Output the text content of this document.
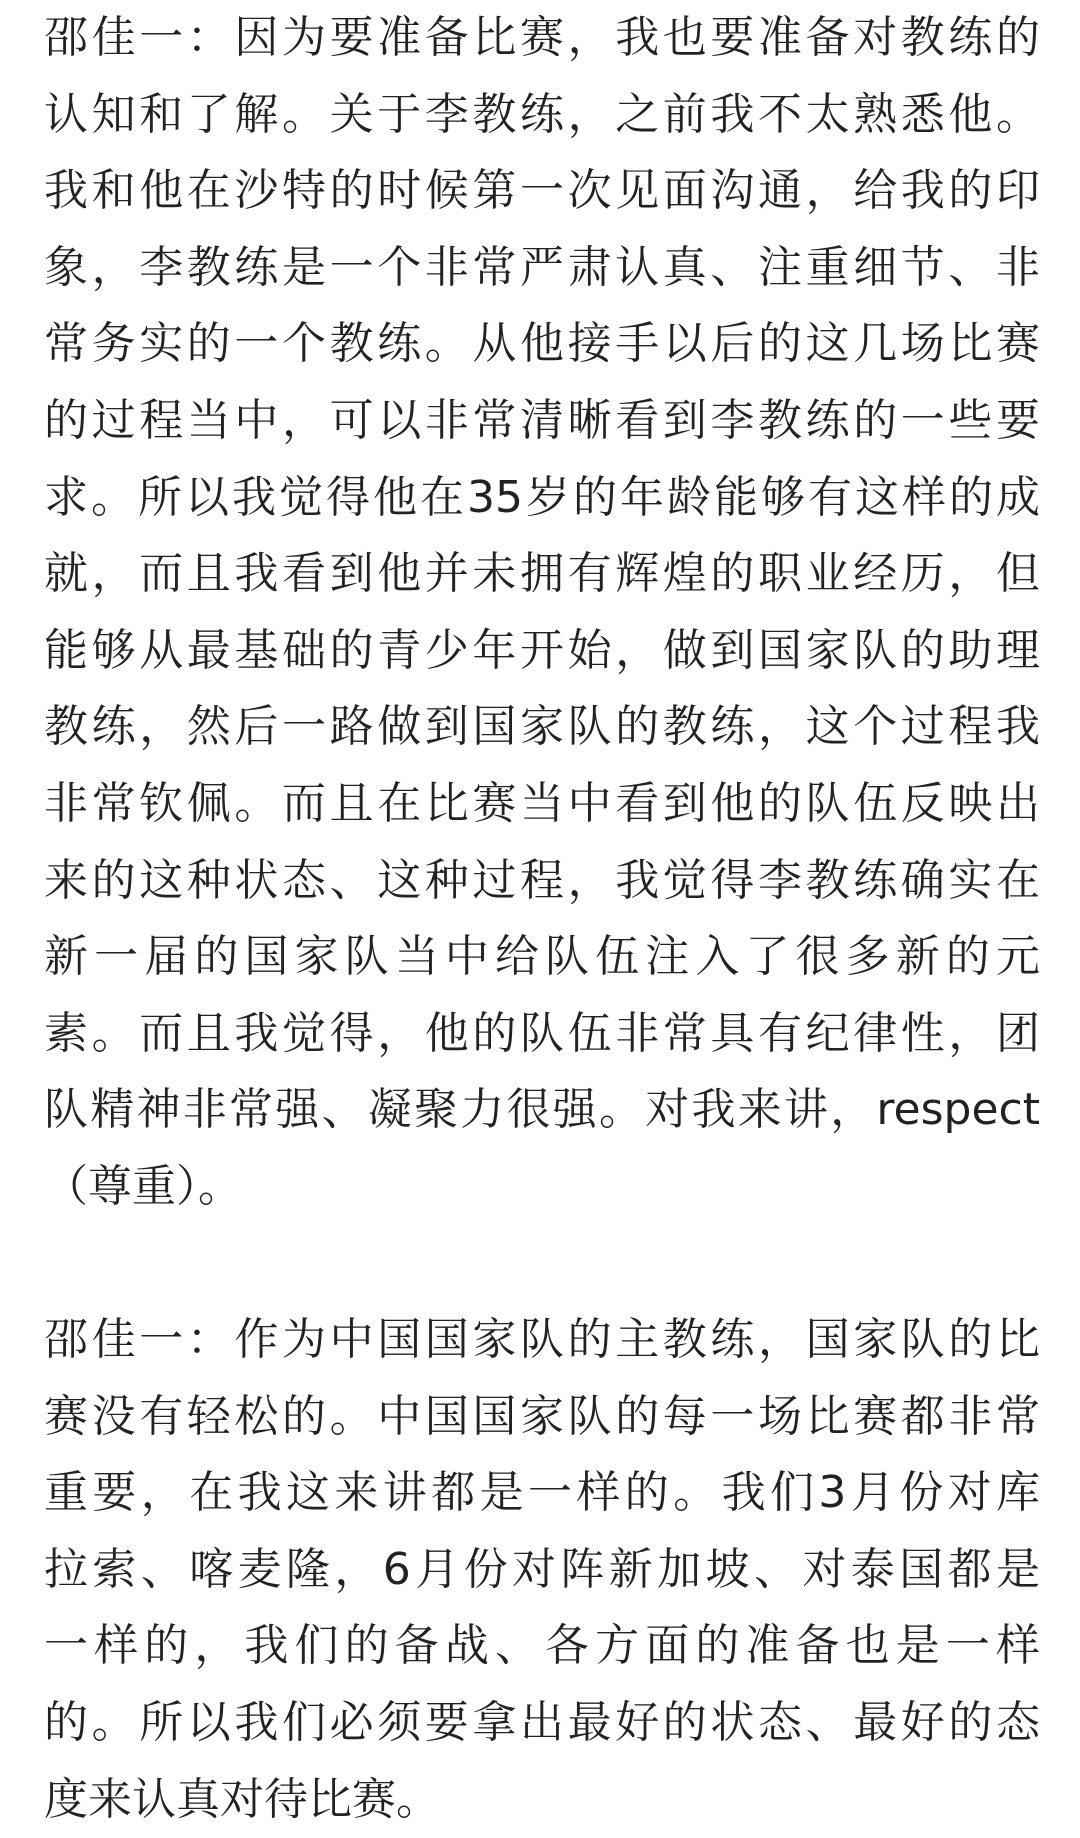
邵佳一：因为要准备比赛，我也要准备对教练的
认知和了解。关于李教练，之前我不太熟悉他。
我和他在沙特的时候第一次见面沟通，给我的印
象，李教练是一个非常严肃认真、注重细节、非
常务实的一个教练。从他接手以后的这几场比赛
的过程当中，可以非常清晰看到李教练的一些要
求。所以我觉得他在35岁的年龄能够有这样的成
就，而且我看到他并未拥有辉煌的职业经历，但
能够从最基础的青少年开始，做到国家队的助理
教练，然后一路做到国家队的教练，这个过程我
非常钦佩。而且在比赛当中看到他的队伍反映出
来的这种状态、这种过程，我觉得李教练确实在
新一届的国家队当中给队伍注入了很多新的元
素。而且我觉得，他的队伍非常具有纪律性，团
队精神非常强、凝聚力很强。对我来讲，respect
（尊重）。
邵佳一：作为中国国家队的主教练，国家队的比
赛没有轻松的。中国国家队的每一场比赛都非常
重要，在我这来讲都是一样的。我们3月份对库
拉索、喀麦隆，6月份对阵新加坡、对泰国都是
一样的，我们的备战、各方面的准备也是一样
的。所以我们必须要拿出最好的状态、最好的态
度来认真对待比赛。
